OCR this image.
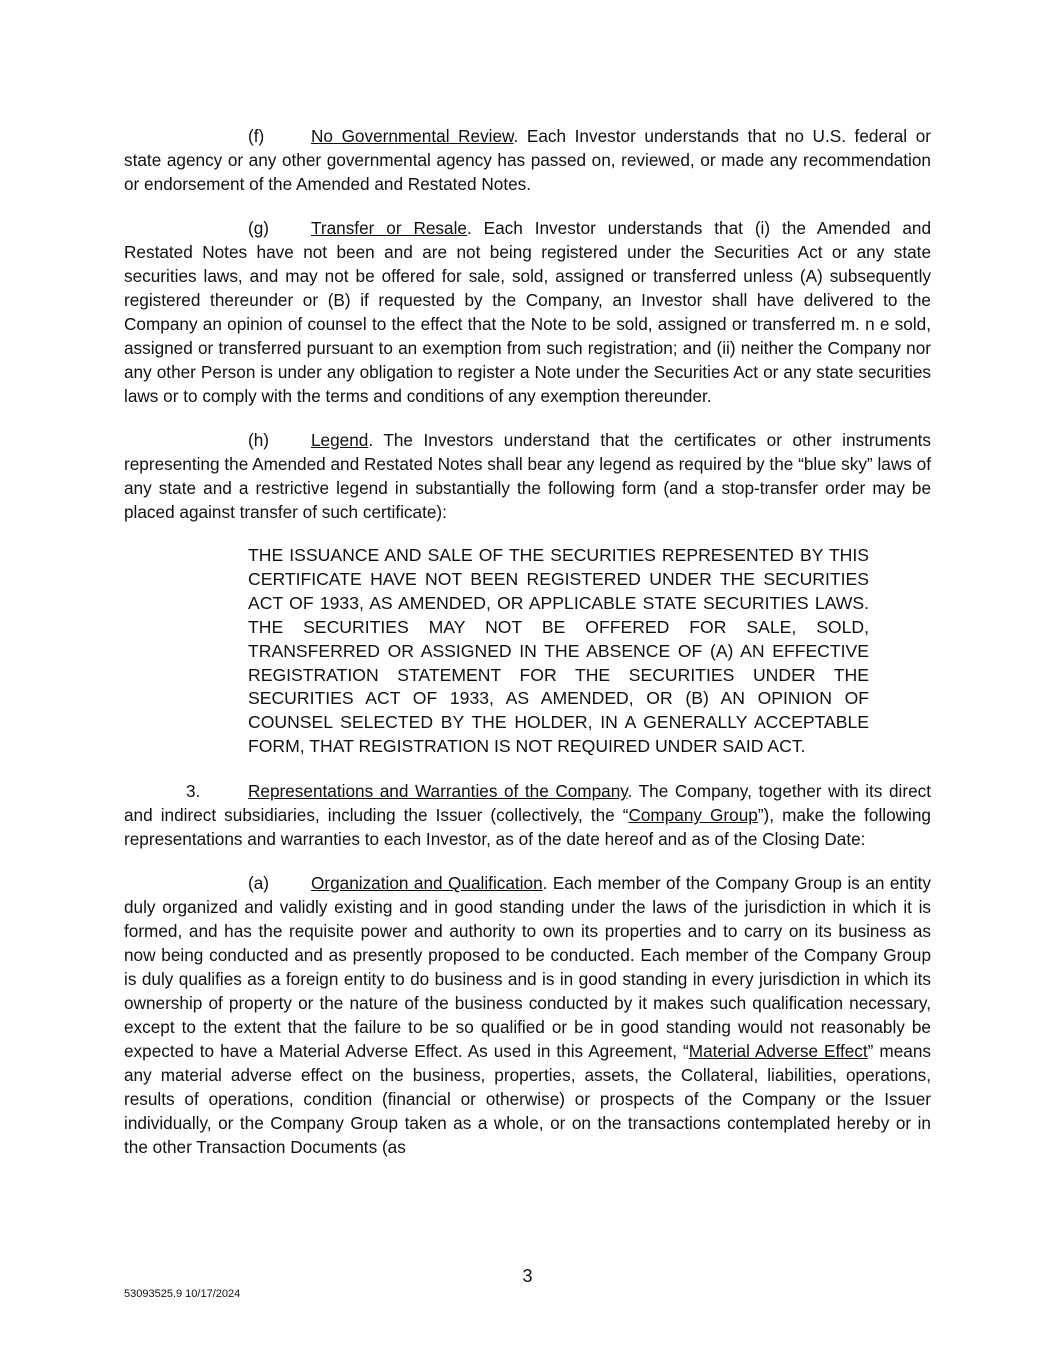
(f)	No Governmental Review. Each Investor understands that no U.S. federal or state agency or any other governmental agency has passed on, reviewed, or made any recommendation or endorsement of the Amended and Restated Notes.

(g) Transfer or Resale. Each Investor understands that (i) the Amended and Restated Notes have not been and are not being registered under the Securities Act or any state securities laws, and may not be offered for sale, sold, assigned or transferred unless (A) subsequently registered thereunder or (B) if requested by the Company, an Investor shall have delivered to the Company an opinion of counsel to the effect that the Note to be sold, assigned or transferred m. n e sold, assigned or transferred pursuant to an exemption from such registration; and (ii) neither the Company nor any other Person is under any obligation to register a Note under the Securities Act or any state securities laws or to comply with the terms and conditions of any exemption thereunder.

(h) Legend. The Investors understand that the certificates or other instruments representing the Amended and Restated Notes shall bear any legend as required by the “blue sky” laws of any state and a restrictive legend in substantially the following form (and a stop-transfer order may be placed against transfer of such certificate):

THE ISSUANCE AND SALE OF THE SECURITIES REPRESENTED BY THIS CERTIFICATE HAVE NOT BEEN REGISTERED UNDER THE SECURITIES ACT OF 1933, AS AMENDED, OR APPLICABLE STATE SECURITIES LAWS. THE SECURITIES MAY NOT BE OFFERED FOR SALE, SOLD, TRANSFERRED OR ASSIGNED IN THE ABSENCE OF (A) AN EFFECTIVE REGISTRATION STATEMENT FOR THE SECURITIES UNDER THE SECURITIES ACT OF 1933, AS AMENDED, OR (B) AN OPINION OF COUNSEL SELECTED BY THE HOLDER, IN A GENERALLY ACCEPTABLE FORM, THAT REGISTRATION IS NOT REQUIRED UNDER SAID ACT.

3.	Representations and Warranties of the Company. The Company, together with its direct and indirect subsidiaries, including the Issuer (collectively, the “Company Group”), make the following representations and warranties to each Investor, as of the date hereof and as of the Closing Date:

(a) Organization and Qualification. Each member of the Company Group is an entity duly organized and validly existing and in good standing under the laws of the jurisdiction in which it is formed, and has the requisite power and authority to own its properties and to carry on its business as now being conducted and as presently proposed to be conducted. Each member of the Company Group is duly qualifies as a foreign entity to do business and is in good standing in every jurisdiction in which its ownership of property or the nature of the business conducted by it makes such qualification necessary, except to the extent that the failure to be so qualified or be in good standing would not reasonably be expected to have a Material Adverse Effect. As used in this Agreement, “Material Adverse Effect” means any material adverse effect on the business, properties, assets, the Collateral, liabilities, operations, results of operations, condition (financial or otherwise) or prospects of the Company or the Issuer individually, or the Company Group taken as a whole, or on the transactions contemplated hereby or in the other Transaction Documents (as

3
53093525.9 10/17/2024
